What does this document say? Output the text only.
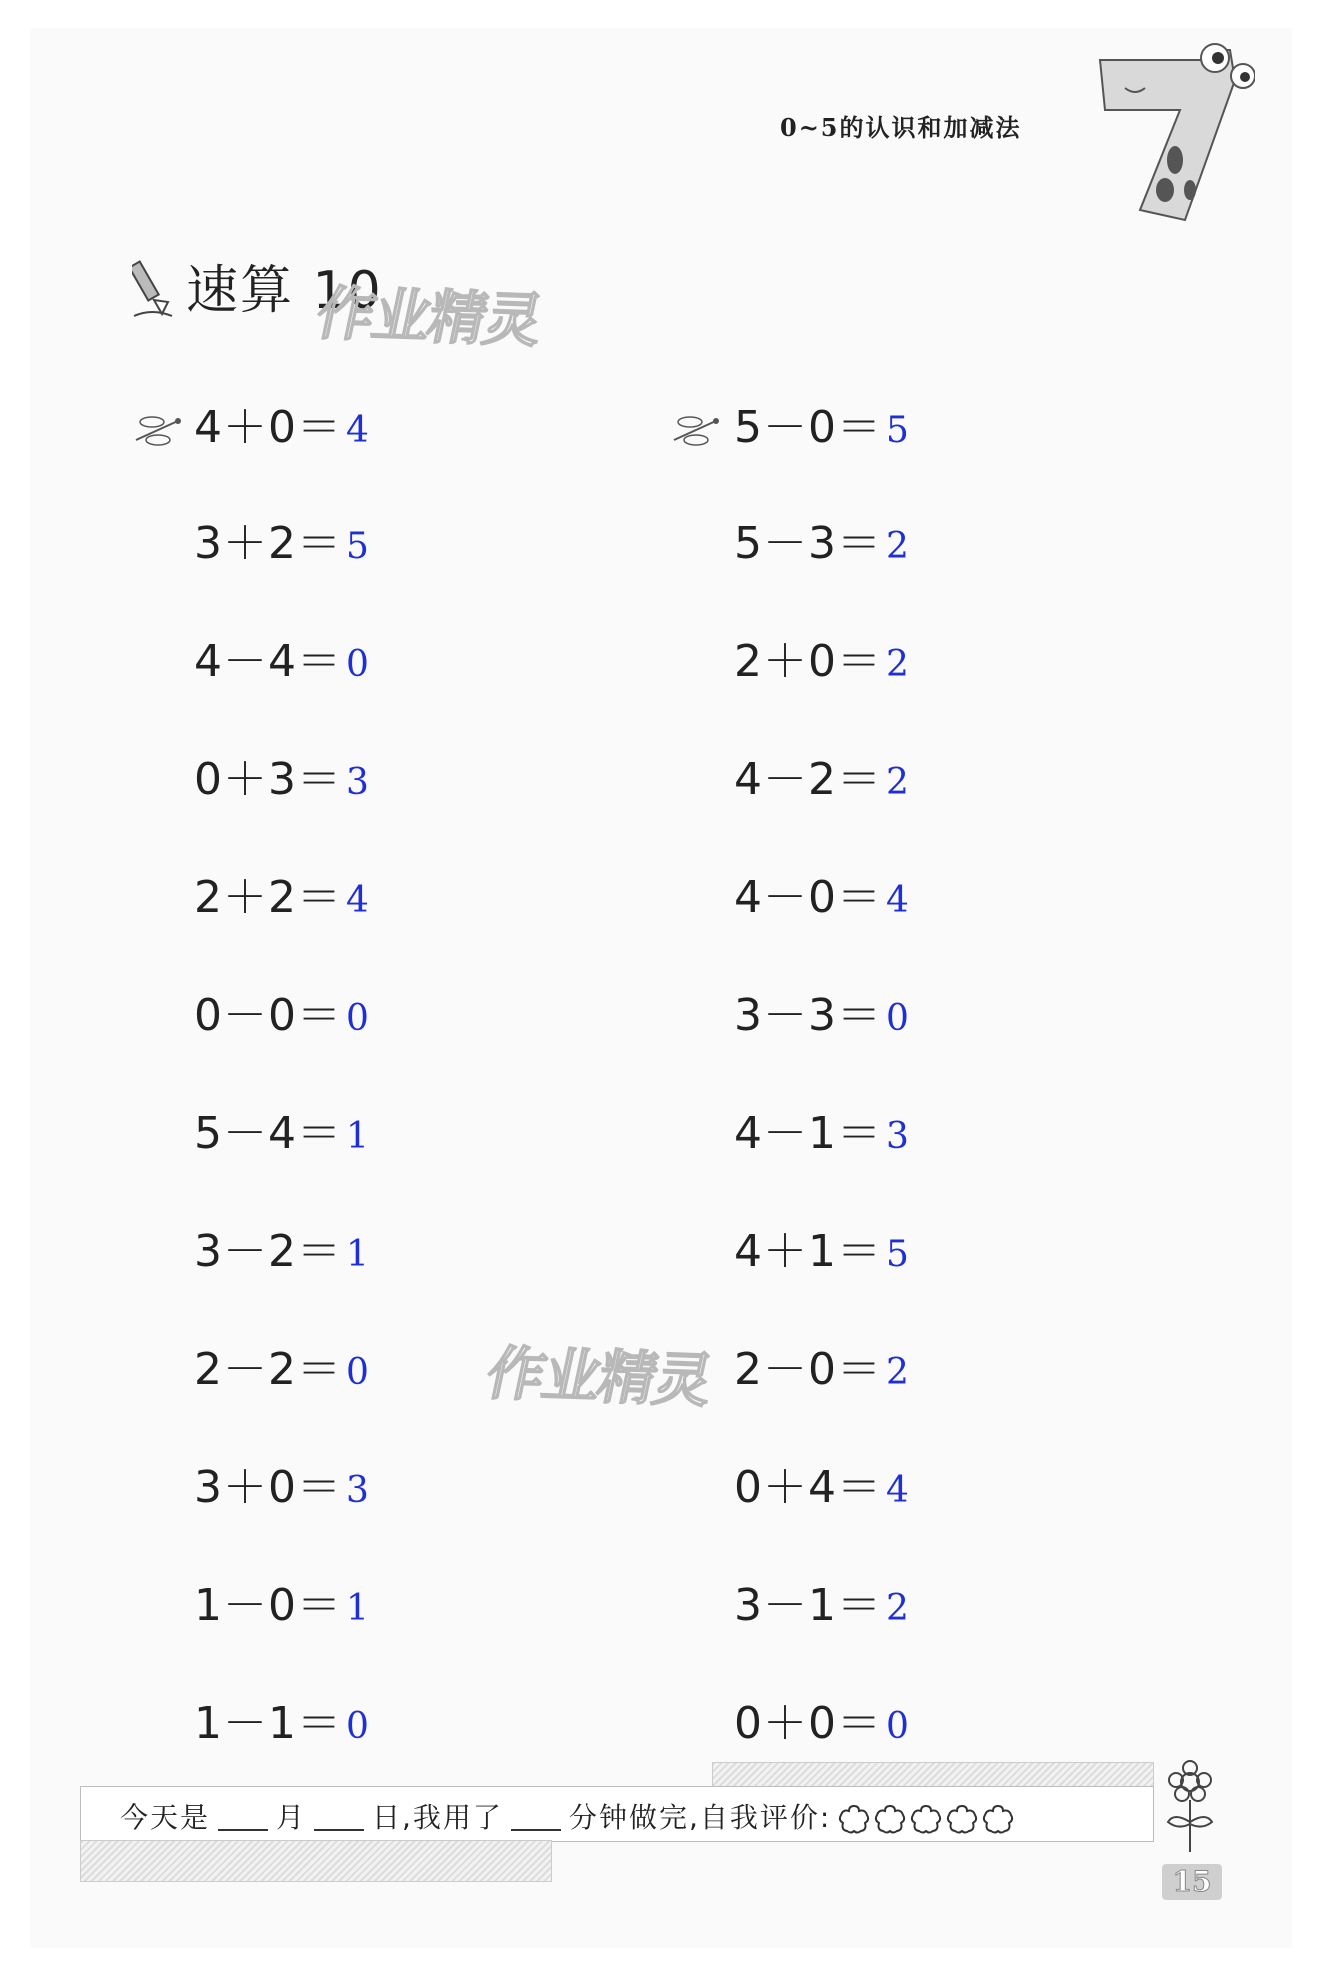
0~5的认识和加减法
速算 10
作业精灵
作业精灵
4＋0＝ 4
3＋2＝ 5
4－4＝ 0
0＋3＝ 3
2＋2＝ 4
0－0＝ 0
5－4＝ 1
3－2＝ 1
2－2＝ 0
3＋0＝ 3
1－0＝ 1
1－1＝ 0
5－0＝ 5
5－3＝ 2
2＋0＝ 2
4－2＝ 2
4－0＝ 4
3－3＝ 0
4－1＝ 3
4＋1＝ 5
2－0＝ 2
0＋4＝ 4
3－1＝ 2
0＋0＝ 0
今天是 月 日,我用了 分钟做完,自我评价:
15
